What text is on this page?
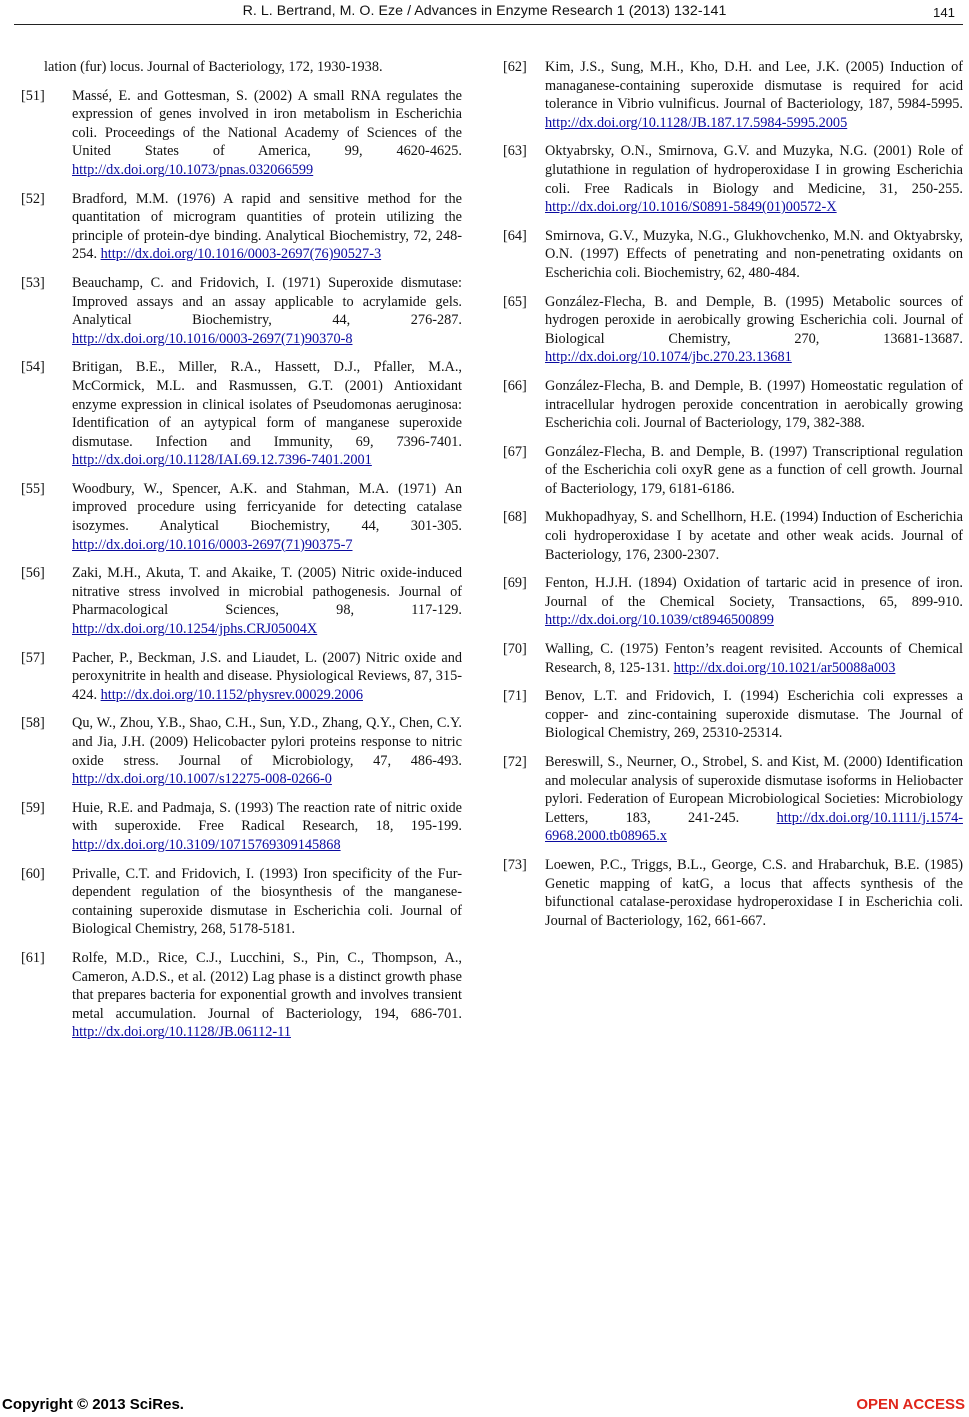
R. L. Bertrand, M. O. Eze / Advances in Enzyme Research 1 (2013) 132-141	141
lation (fur) locus. Journal of Bacteriology, 172, 1930-1938.
[51] Massé, E. and Gottesman, S. (2002) A small RNA regulates the expression of genes involved in iron metabolism in Escherichia coli. Proceedings of the National Academy of Sciences of the United States of America, 99, 4620-4625. http://dx.doi.org/10.1073/pnas.032066599
[52] Bradford, M.M. (1976) A rapid and sensitive method for the quantitation of microgram quantities of protein utilizing the principle of protein-dye binding. Analytical Biochemistry, 72, 248-254. http://dx.doi.org/10.1016/0003-2697(76)90527-3
[53] Beauchamp, C. and Fridovich, I. (1971) Superoxide dismutase: Improved assays and an assay applicable to acrylamide gels. Analytical Biochemistry, 44, 276-287. http://dx.doi.org/10.1016/0003-2697(71)90370-8
[54] Britigan, B.E., Miller, R.A., Hassett, D.J., Pfaller, M.A., McCormick, M.L. and Rasmussen, G.T. (2001) Antioxidant enzyme expression in clinical isolates of Pseudomonas aeruginosa: Identification of an aytypical form of manganese superoxide dismutase. Infection and Immunity, 69, 7396-7401. http://dx.doi.org/10.1128/IAI.69.12.7396-7401.2001
[55] Woodbury, W., Spencer, A.K. and Stahman, M.A. (1971) An improved procedure using ferricyanide for detecting catalase isozymes. Analytical Biochemistry, 44, 301-305. http://dx.doi.org/10.1016/0003-2697(71)90375-7
[56] Zaki, M.H., Akuta, T. and Akaike, T. (2005) Nitric oxide-induced nitrative stress involved in microbial pathogenesis. Journal of Pharmacological Sciences, 98, 117-129. http://dx.doi.org/10.1254/jphs.CRJ05004X
[57] Pacher, P., Beckman, J.S. and Liaudet, L. (2007) Nitric oxide and peroxynitrite in health and disease. Physiological Reviews, 87, 315-424. http://dx.doi.org/10.1152/physrev.00029.2006
[58] Qu, W., Zhou, Y.B., Shao, C.H., Sun, Y.D., Zhang, Q.Y., Chen, C.Y. and Jia, J.H. (2009) Helicobacter pylori proteins response to nitric oxide stress. Journal of Microbiology, 47, 486-493. http://dx.doi.org/10.1007/s12275-008-0266-0
[59] Huie, R.E. and Padmaja, S. (1993) The reaction rate of nitric oxide with superoxide. Free Radical Research, 18, 195-199. http://dx.doi.org/10.3109/10715769309145868
[60] Privalle, C.T. and Fridovich, I. (1993) Iron specificity of the Fur-dependent regulation of the biosynthesis of the manganese-containing superoxide dismutase in Escherichia coli. Journal of Biological Chemistry, 268, 5178-5181.
[61] Rolfe, M.D., Rice, C.J., Lucchini, S., Pin, C., Thompson, A., Cameron, A.D.S., et al. (2012) Lag phase is a distinct growth phase that prepares bacteria for exponential growth and involves transient metal accumulation. Journal of Bacteriology, 194, 686-701. http://dx.doi.org/10.1128/JB.06112-11
[62] Kim, J.S., Sung, M.H., Kho, D.H. and Lee, J.K. (2005) Induction of managanese-containing superoxide dismutase is required for acid tolerance in Vibrio vulnificus. Journal of Bacteriology, 187, 5984-5995. http://dx.doi.org/10.1128/JB.187.17.5984-5995.2005
[63] Oktyabrsky, O.N., Smirnova, G.V. and Muzyka, N.G. (2001) Role of glutathione in regulation of hydroperoxidase I in growing Escherichia coli. Free Radicals in Biology and Medicine, 31, 250-255. http://dx.doi.org/10.1016/S0891-5849(01)00572-X
[64] Smirnova, G.V., Muzyka, N.G., Glukhovchenko, M.N. and Oktyabrsky, O.N. (1997) Effects of penetrating and non-penetrating oxidants on Escherichia coli. Biochemistry, 62, 480-484.
[65] González-Flecha, B. and Demple, B. (1995) Metabolic sources of hydrogen peroxide in aerobically growing Escherichia coli. Journal of Biological Chemistry, 270, 13681-13687. http://dx.doi.org/10.1074/jbc.270.23.13681
[66] González-Flecha, B. and Demple, B. (1997) Homeostatic regulation of intracellular hydrogen peroxide concentration in aerobically growing Escherichia coli. Journal of Bacteriology, 179, 382-388.
[67] González-Flecha, B. and Demple, B. (1997) Transcriptional regulation of the Escherichia coli oxyR gene as a function of cell growth. Journal of Bacteriology, 179, 6181-6186.
[68] Mukhopadhyay, S. and Schellhorn, H.E. (1994) Induction of Escherichia coli hydroperoxidase I by acetate and other weak acids. Journal of Bacteriology, 176, 2300-2307.
[69] Fenton, H.J.H. (1894) Oxidation of tartaric acid in presence of iron. Journal of the Chemical Society, Transactions, 65, 899-910. http://dx.doi.org/10.1039/ct8946500899
[70] Walling, C. (1975) Fenton’s reagent revisited. Accounts of Chemical Research, 8, 125-131. http://dx.doi.org/10.1021/ar50088a003
[71] Benov, L.T. and Fridovich, I. (1994) Escherichia coli expresses a copper- and zinc-containing superoxide dismutase. The Journal of Biological Chemistry, 269, 25310-25314.
[72] Bereswill, S., Neurner, O., Strobel, S. and Kist, M. (2000) Identification and molecular analysis of superoxide dismutase isoforms in Heliobacter pylori. Federation of European Microbiological Societies: Microbiology Letters, 183, 241-245.	http://dx.doi.org/10.1111/j.1574-6968.2000.tb08965.x
[73] Loewen, P.C., Triggs, B.L., George, C.S. and Hrabarchuk, B.E. (1985) Genetic mapping of katG, a locus that affects synthesis of the bifunctional catalase-peroxidase hydroperoxidase I in Escherichia coli. Journal of Bacteriology, 162, 661-667.
Copyright © 2013 SciRes.	OPEN ACCESS
